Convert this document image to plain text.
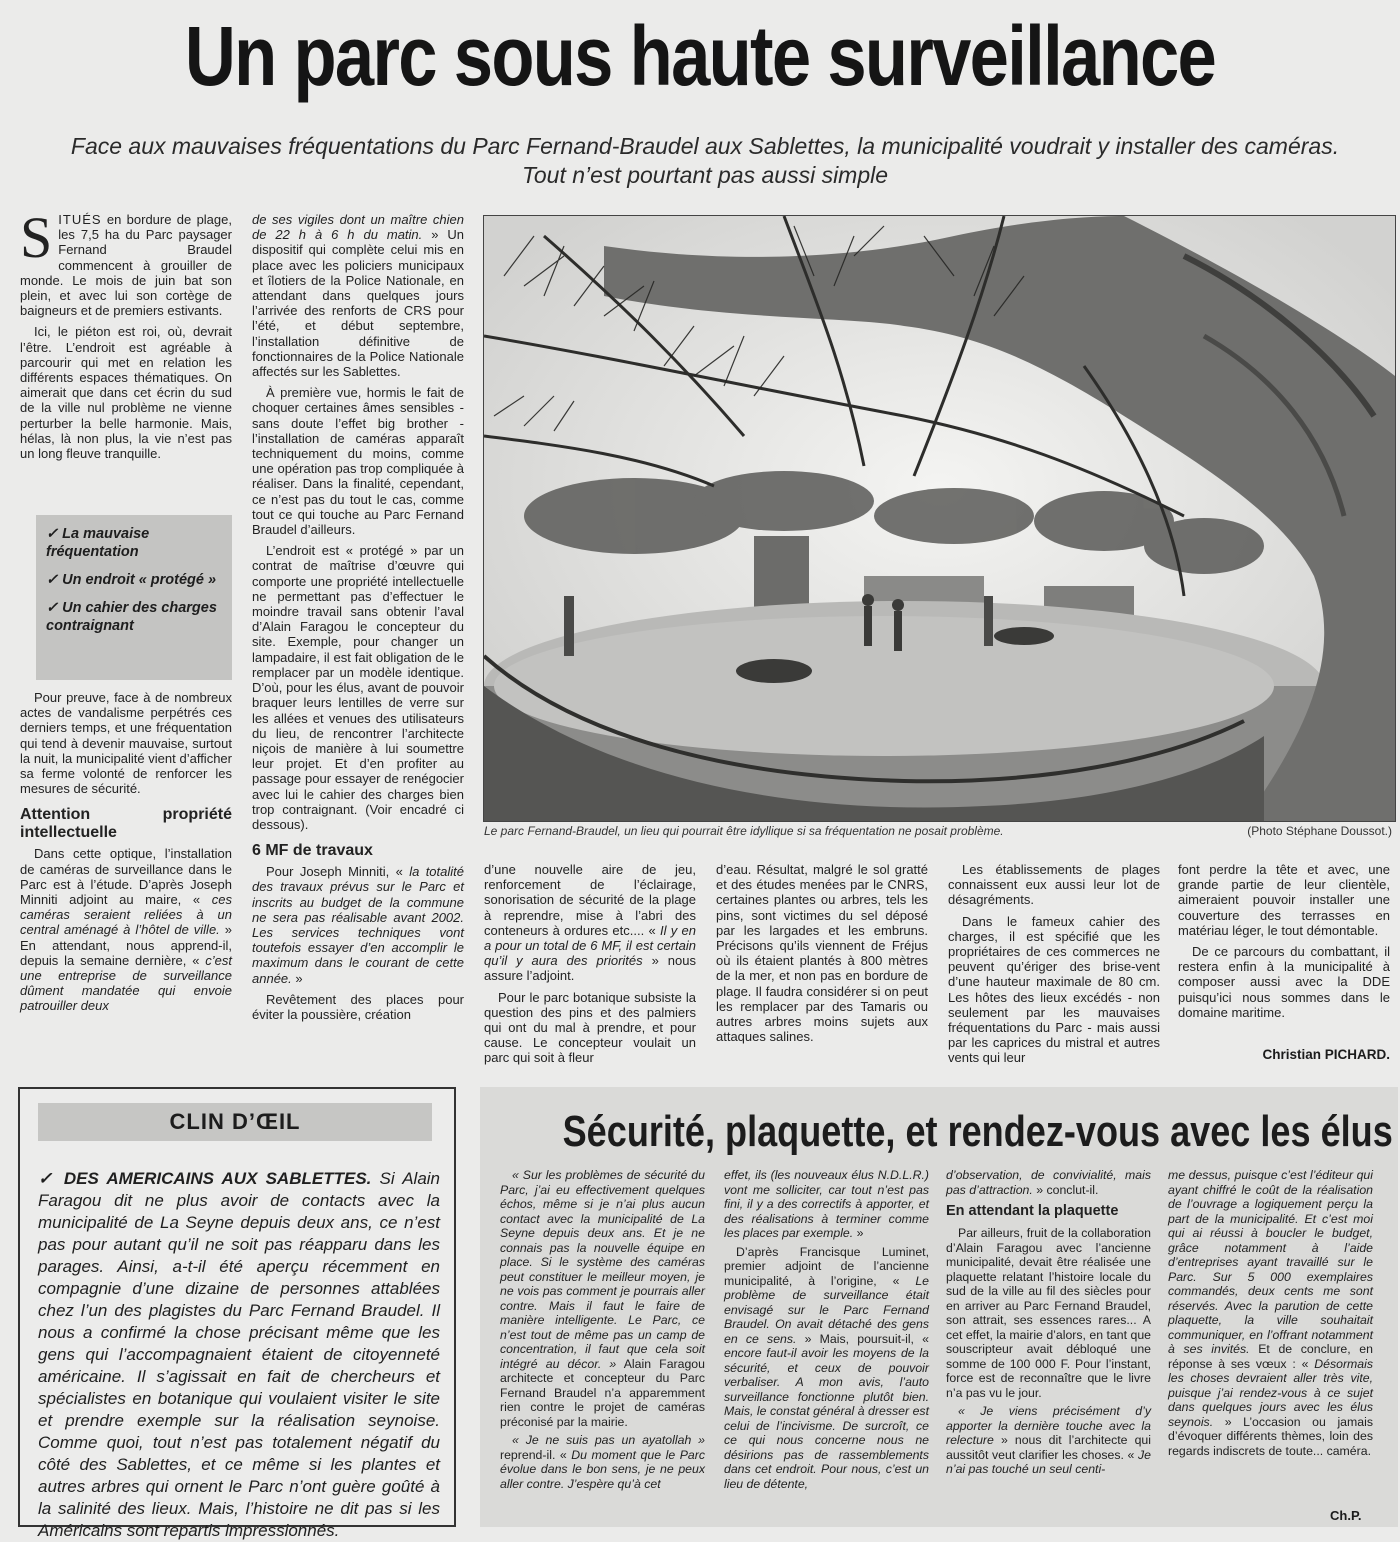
Un parc sous haute surveillance
Face aux mauvaises fréquentations du Parc Fernand-Braudel aux Sablettes, la municipalité voudrait y installer des caméras.
Tout n’est pourtant pas aussi simple

SITUÉS en bordure de plage, les 7,5 ha du Parc paysager Fernand Braudel commencent à grouiller de monde. Le mois de juin bat son plein, et avec lui son cortège de baigneurs et de premiers estivants.

Ici, le piéton est roi, où, devrait l’être. L’endroit est agréable à parcourir qui met en relation les différents espaces thématiques. On aimerait que dans cet écrin du sud de la ville nul problème ne vienne perturber la belle harmonie. Mais, hélas, là non plus, la vie n’est pas un long fleuve tranquille.

✓ La mauvaise fréquentation
✓ Un endroit « protégé »
✓ Un cahier des charges contraignant

Pour preuve, face à de nombreux actes de vandalisme perpétrés ces derniers temps, et une fréquentation qui tend à devenir mauvaise, surtout la nuit, la municipalité vient d’afficher sa ferme volonté de renforcer les mesures de sécurité.

Attention propriété intellectuelle

Dans cette optique, l’installation de caméras de surveillance dans le Parc est à l’étude. D’après Joseph Minniti adjoint au maire, « ces caméras seraient reliées à un central aménagé à l’hôtel de ville. » En attendant, nous apprend-il, depuis la semaine dernière, « c’est une entreprise de surveillance dûment mandatée qui envoie patrouiller deux

de ses vigiles dont un maître chien de 22 h à 6 h du matin. » Un dispositif qui complète celui mis en place avec les policiers municipaux et îlotiers de la Police Nationale, en attendant dans quelques jours l’arrivée des renforts de CRS pour l’été, et début septembre, l’installation définitive de fonctionnaires de la Police Nationale affectés sur les Sablettes.

À première vue, hormis le fait de choquer certaines âmes sensibles - sans doute l’effet big brother - l’installation de caméras apparaît techniquement du moins, comme une opération pas trop compliquée à réaliser. Dans la finalité, cependant, ce n’est pas du tout le cas, comme tout ce qui touche au Parc Fernand Braudel d’ailleurs.

L’endroit est « protégé » par un contrat de maîtrise d’œuvre qui comporte une propriété intellectuelle ne permettant pas d’effectuer le moindre travail sans obtenir l’aval d’Alain Faragou le concepteur du site. Exemple, pour changer un lampadaire, il est fait obligation de le remplacer par un modèle identique. D’où, pour les élus, avant de pouvoir braquer leurs lentilles de verre sur les allées et venues des utilisateurs du lieu, de rencontrer l’architecte niçois de manière à lui soumettre leur projet. Et d’en profiter au passage pour essayer de renégocier avec lui le cahier des charges bien trop contraignant. (Voir encadré ci dessous).

6 MF de travaux

Pour Joseph Minniti, « la totalité des travaux prévus sur le Parc et inscrits au budget de la commune ne sera pas réalisable avant 2002. Les services techniques vont toutefois essayer d’en accomplir le maximum dans le courant de cette année. »

Revêtement des places pour éviter la poussière, création

Le parc Fernand-Braudel, un lieu qui pourrait être idyllique si sa fréquentation ne posait problème.	(Photo Stéphane Doussot.)

d’une nouvelle aire de jeu, renforcement de l’éclairage, sonorisation de sécurité de la plage à reprendre, mise à l’abri des conteneurs à ordures etc.... « Il y en a pour un total de 6 MF, il est certain qu’il y aura des priorités » nous assure l’adjoint.

Pour le parc botanique subsiste la question des pins et des palmiers qui ont du mal à prendre, et pour cause. Le concepteur voulait un parc qui soit à fleur

d’eau. Résultat, malgré le sol gratté et des études menées par le CNRS, certaines plantes ou arbres, tels les pins, sont victimes du sel déposé par les largades et les embruns. Précisons qu’ils viennent de Fréjus où ils étaient plantés à 800 mètres de la mer, et non pas en bordure de plage. Il faudra considérer si on peut les remplacer par des Tamaris ou autres arbres moins sujets aux attaques salines.

Les établissements de plages connaissent eux aussi leur lot de désagréments.

Dans le fameux cahier des charges, il est spécifié que les propriétaires de ces commerces ne peuvent qu’ériger des brise-vent d’une hauteur maximale de 80 cm. Les hôtes des lieux excédés - non seulement par les mauvaises fréquentations du Parc - mais aussi par les caprices du mistral et autres vents qui leur

font perdre la tête et avec, une grande partie de leur clientèle, aimeraient pouvoir installer une couverture des terrasses en matériau léger, le tout démontable.

De ce parcours du combattant, il restera enfin à la municipalité à composer aussi avec la DDE puisqu’ici nous sommes dans le domaine maritime.

Christian PICHARD.
CLIN D’ŒIL
✓ DES AMERICAINS AUX SABLETTES. Si Alain Faragou dit ne plus avoir de contacts avec la municipalité de La Seyne depuis deux ans, ce n’est pas pour autant qu’il ne soit pas réapparu dans les parages. Ainsi, a-t-il été aperçu récemment en compagnie d’une dizaine de personnes attablées chez l’un des plagistes du Parc Fernand Braudel. Il nous a confirmé la chose précisant même que les gens qui l’accompagnaient étaient de citoyenneté américaine. Il s’agissait en fait de chercheurs et spécialistes en botanique qui voulaient visiter le site et prendre exemple sur la réalisation seynoise. Comme quoi, tout n’est pas totalement négatif du côté des Sablettes, et ce même si les plantes et autres arbres qui ornent le Parc n’ont guère goûté à la salinité des lieux. Mais, l’histoire ne dit pas si les Américains sont repartis impressionnés.
Sécurité, plaquette, et rendez-vous avec les élus

« Sur les problèmes de sécurité du Parc, j’ai eu effectivement quelques échos, même si je n’ai plus aucun contact avec la municipalité de La Seyne depuis deux ans. Et je ne connais pas la nouvelle équipe en place. Si le système des caméras peut constituer le meilleur moyen, je ne vois pas comment je pourrais aller contre. Mais il faut le faire de manière intelligente. Le Parc, ce n’est tout de même pas un camp de concentration, il faut que cela soit intégré au décor. » Alain Faragou architecte et concepteur du Parc Fernand Braudel n’a apparemment rien contre le projet de caméras préconisé par la mairie.

« Je ne suis pas un ayatollah » reprend-il. « Du moment que le Parc évolue dans le bon sens, je ne peux aller contre. J’espère qu’à cet

effet, ils (les nouveaux élus N.D.L.R.) vont me solliciter, car tout n’est pas fini, il y a des correctifs à apporter, et des réalisations à terminer comme les places par exemple. »

D’après Francisque Luminet, premier adjoint de l’ancienne municipalité, à l’origine, « Le problème de surveillance était envisagé sur le Parc Fernand Braudel. On avait détaché des gens en ce sens. » Mais, poursuit-il, « encore faut-il avoir les moyens de la sécurité, et ceux de pouvoir verbaliser. A mon avis, l’auto surveillance fonctionne plutôt bien. Mais, le constat général à dresser est celui de l’incivisme. De surcroît, ce ce qui nous concerne nous ne désirions pas de rassemblements dans cet endroit. Pour nous, c’est un lieu de détente,

d’observation, de convivialité, mais pas d’attraction. » conclut-il.

En attendant la plaquette

Par ailleurs, fruit de la collaboration d’Alain Faragou avec l’ancienne municipalité, devait être réalisée une plaquette relatant l’histoire locale du sud de la ville au fil des siècles pour en arriver au Parc Fernand Braudel, son attrait, ses essences rares... A cet effet, la mairie d’alors, en tant que souscripteur avait débloqué une somme de 100 000 F. Pour l’instant, force est de reconnaître que le livre n’a pas vu le jour.

« Je viens précisément d’y apporter la dernière touche avec la relecture » nous dit l’architecte qui aussitôt veut clarifier les choses. « Je n’ai pas touché un seul centi-

me dessus, puisque c’est l’éditeur qui ayant chiffré le coût de la réalisation de l’ouvrage a logiquement perçu la part de la municipalité. Et c’est moi qui ai réussi à boucler le budget, grâce notamment à l’aide d’entreprises ayant travaillé sur le Parc. Sur 5 000 exemplaires commandés, deux cents me sont réservés. Avec la parution de cette plaquette, la ville souhaitait communiquer, en l’offrant notamment à ses invités. Et de conclure, en réponse à ses vœux : « Désormais les choses devraient aller très vite, puisque j’ai rendez-vous à ce sujet dans quelques jours avec les élus seynois. » L’occasion ou jamais d’évoquer différents thèmes, loin des regards indiscrets de toute... caméra.

Ch.P.
